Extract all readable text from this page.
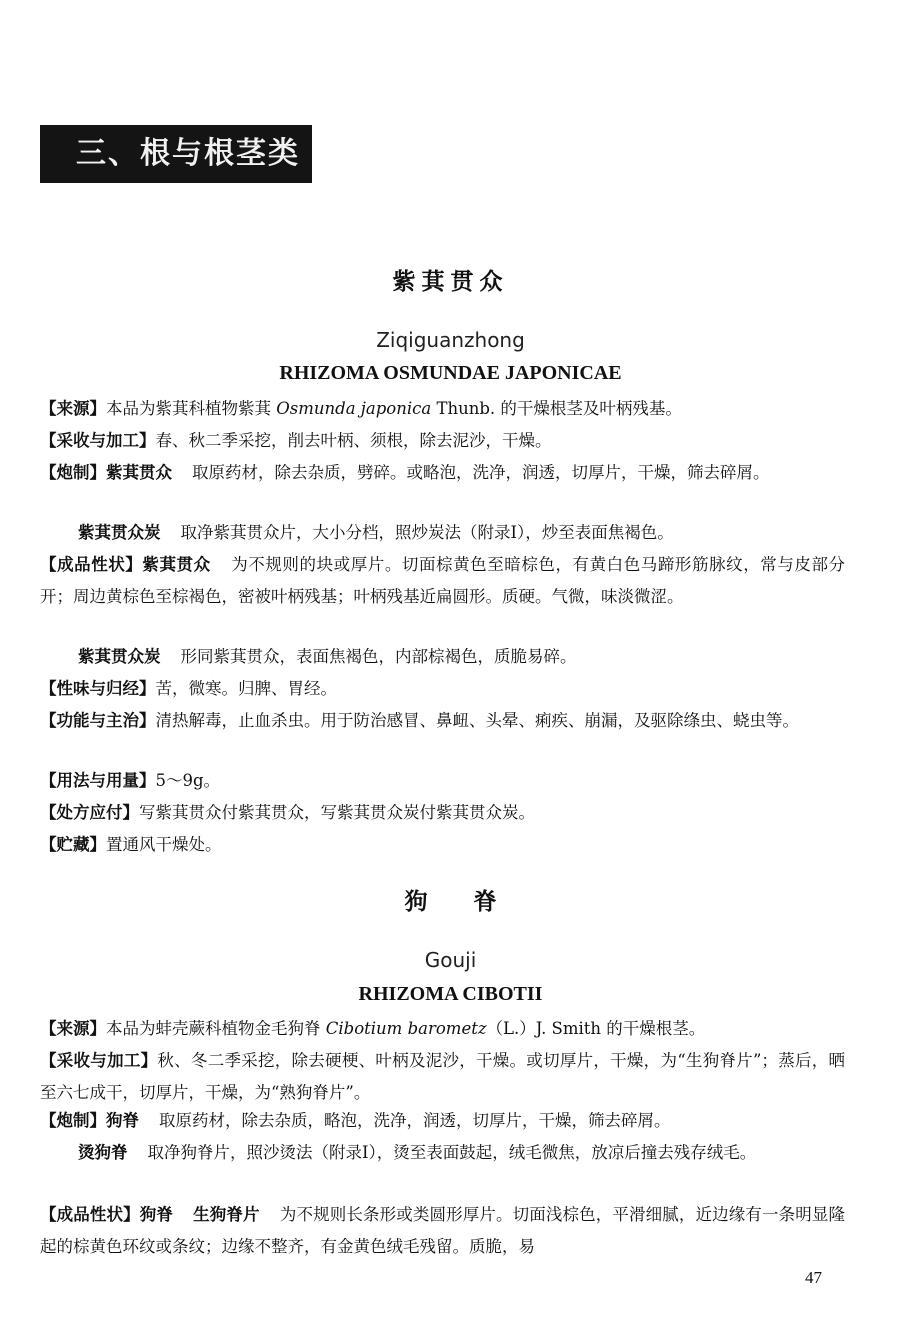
三、根与根茎类
紫萁贯众
Ziqiguanzhong
RHIZOMA OSMUNDAE JAPONICAE
【来源】本品为紫萁科植物紫萁 Osmunda japonica Thunb. 的干燥根茎及叶柄残基。
【采收与加工】春、秋二季采挖，削去叶柄、须根，除去泥沙，干燥。
【炮制】紫萁贯众 取原药材，除去杂质，劈碎。或略泡，洗净，润透，切厚片，干燥，筛去碎屑。
紫萁贯众炭 取净紫萁贯众片，大小分档，照炒炭法（附录Ⅰ），炒至表面焦褐色。
【成品性状】紫萁贯众 为不规则的块或厚片。切面棕黄色至暗棕色，有黄白色马蹄形筋脉纹，常与皮部分开；周边黄棕色至棕褐色，密被叶柄残基；叶柄残基近扁圆形。质硬。气微，味淡微涩。
紫萁贯众炭 形同紫萁贯众，表面焦褐色，内部棕褐色，质脆易碎。
【性味与归经】苦，微寒。归脾、胃经。
【功能与主治】清热解毒，止血杀虫。用于防治感冒、鼻衄、头晕、痢疾、崩漏，及驱除绦虫、蛲虫等。
【用法与用量】5～9g。
【处方应付】写紫萁贯众付紫萁贯众，写紫萁贯众炭付紫萁贯众炭。
【贮藏】置通风干燥处。
狗　　脊
Gouji
RHIZOMA CIBOTII
【来源】本品为蚌壳蕨科植物金毛狗脊 Cibotium barometz（L.）J. Smith 的干燥根茎。
【采收与加工】秋、冬二季采挖，除去硬梗、叶柄及泥沙，干燥。或切厚片，干燥，为“生狗脊片”；蒸后，晒至六七成干，切厚片，干燥，为“熟狗脊片”。
【炮制】狗脊 取原药材，除去杂质，略泡，洗净，润透，切厚片，干燥，筛去碎屑。
烫狗脊 取净狗脊片，照沙烫法（附录Ⅰ），烫至表面鼓起，绒毛微焦，放凉后撞去残存绒毛。
【成品性状】狗脊 生狗脊片 为不规则长条形或类圆形厚片。切面浅棕色，平滑细腻，近边缘有一条明显隆起的棕黄色环纹或条纹；边缘不整齐，有金黄色绒毛残留。质脆，易
47
